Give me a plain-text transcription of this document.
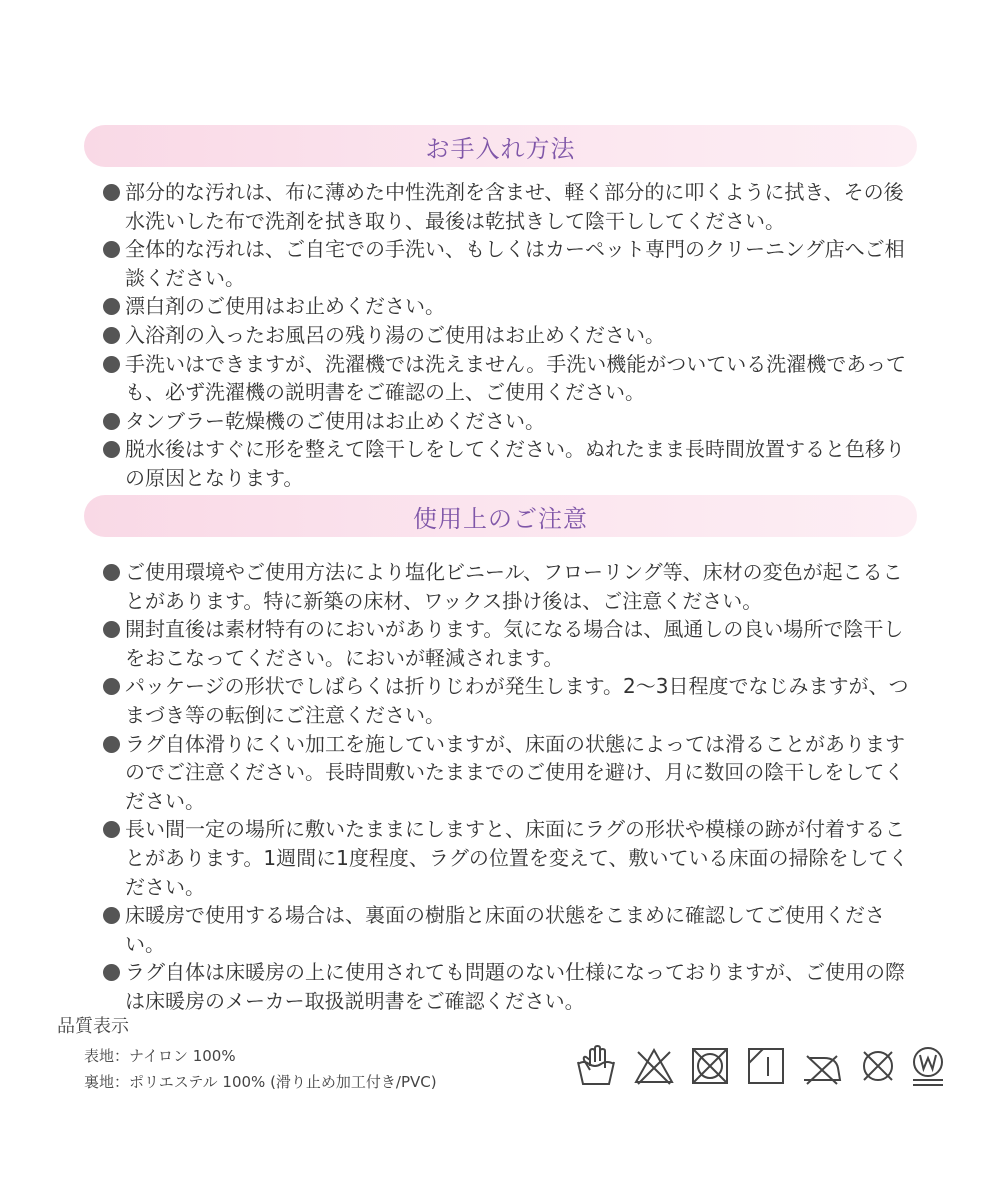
お手入れ方法
部分的な汚れは、布に薄めた中性洗剤を含ませ、軽く部分的に叩くように拭き、その後水洗いした布で洗剤を拭き取り、最後は乾拭きして陰干ししてください。
全体的な汚れは、ご自宅での手洗い、もしくはカーペット専門のクリーニング店へご相談ください。
漂白剤のご使用はお止めください。
入浴剤の入ったお風呂の残り湯のご使用はお止めください。
手洗いはできますが、洗濯機では洗えません。手洗い機能がついている洗濯機であっても、必ず洗濯機の説明書をご確認の上、ご使用ください。
タンブラー乾燥機のご使用はお止めください。
脱水後はすぐに形を整えて陰干しをしてください。ぬれたまま長時間放置すると色移りの原因となります。
使用上のご注意
ご使用環境やご使用方法により塩化ビニール、フローリング等、床材の変色が起こることがあります。特に新築の床材、ワックス掛け後は、ご注意ください。
開封直後は素材特有のにおいがあります。気になる場合は、風通しの良い場所で陰干しをおこなってください。においが軽減されます。
パッケージの形状でしばらくは折りじわが発生します。2～3日程度でなじみますが、つまづき等の転倒にご注意ください。
ラグ自体滑りにくい加工を施していますが、床面の状態によっては滑ることがありますのでご注意ください。長時間敷いたままでのご使用を避け、月に数回の陰干しをしてください。
長い間一定の場所に敷いたままにしますと、床面にラグの形状や模様の跡が付着することがあります。1週間に1度程度、ラグの位置を変えて、敷いている床面の掃除をしてください。
床暖房で使用する場合は、裏面の樹脂と床面の状態をこまめに確認してご使用ください。
ラグ自体は床暖房の上に使用されても問題のない仕様になっておりますが、ご使用の際は床暖房のメーカー取扱説明書をご確認ください。
品質表示
表地：ナイロン 100%
裏地：ポリエステル 100% (滑り止め加工付き/PVC)
